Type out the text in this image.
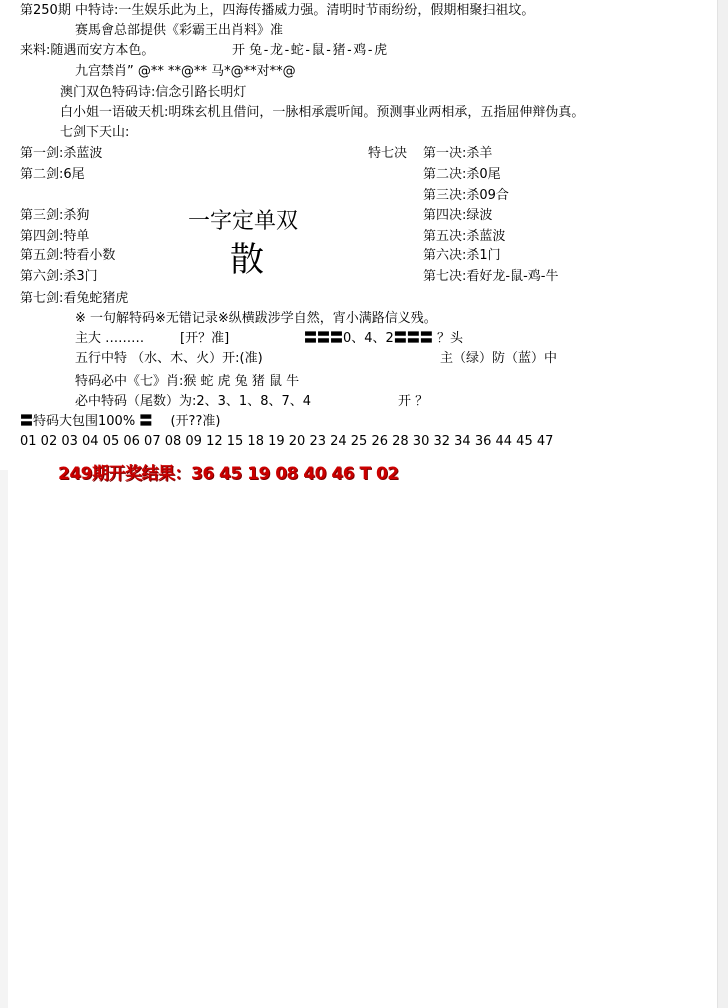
第250期 中特诗:一生娱乐此为上，四海传播威力强。清明时节雨纷纷，假期相聚扫祖坟。
赛馬會总部提供《彩霸王出肖料》准
来料:随遇而安方本色。	开 兔-龙-蛇-鼠-猪-鸡-虎
九宫禁肖” @** **@** 马*@**对**@
澳门双色特码诗:信念引路长明灯
白小姐一语破天机:明珠玄机且借问，一脉相承震听闻。预测事业两相承，五指屈伸辩伪真。
七剑下天山:
第一剑:杀蓝波
第二剑:6尾
第三剑:杀狗
第四剑:特单
第五剑:特看小数
第六剑:杀3门
第七剑:看兔蛇猪虎
一字定单双
散
特七决 第一决:杀羊
第二决:杀0尾
第三决:杀09合
第四决:绿波
第五决:杀蓝波
第六决:杀1门
第七决:看好龙-鼠-鸡-牛
※ 一句解特码※无错记录※纵横跋涉学自然，宵小满路信义残。
主大 ………	[开？准]	〓〓〓0、4、2〓〓〓 ？头
五行中特 （水、木、火）开:(准)	主（绿）防（蓝）中
特码必中《七》肖:猴 蛇 虎 兔 猪 鼠 牛
必中特码（尾数）为:2、3、1、8、7、4	开 ？
〓特码大包围100% 〓 (开??准)
01 02 03 04 05 06 07 08 09 12 15 18 19 20 23 24 25 26 28 30 32 34 36 44 45 47
249期开奖结果：36 45 19 08 40 46 T 02
